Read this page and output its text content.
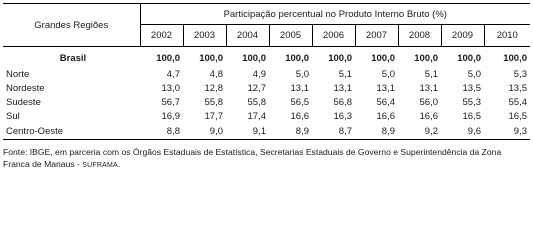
Grandes Regiões	Participação percentual no Produto Interno Bruto (%)								
	2002	2003	2004	2005	2006	2007	2008	2009	2010
Brasil	100,0	100,0	100,0	100,0	100,0	100,0	100,0	100,0	100,0
Norte	4,7	4,8	4,9	5,0	5,1	5,0	5,1	5,0	5,3
Nordeste	13,0	12,8	12,7	13,1	13,1	13,1	13,1	13,5	13,5
Sudeste	56,7	55,8	55,8	56,5	56,8	56,4	56,0	55,3	55,4
Sul	16,9	17,7	17,4	16,6	16,3	16,6	16,6	16,5	16,5
Centro-Oeste	8,8	9,0	9,1	8,9	8,7	8,9	9,2	9,6	9,3
Fonte: IBGE, em parceria com os Órgãos Estaduais de Estatística, Secretarias Estaduais de Governo e Superintendência da Zona Franca de Manaus - SUFRAMA.
